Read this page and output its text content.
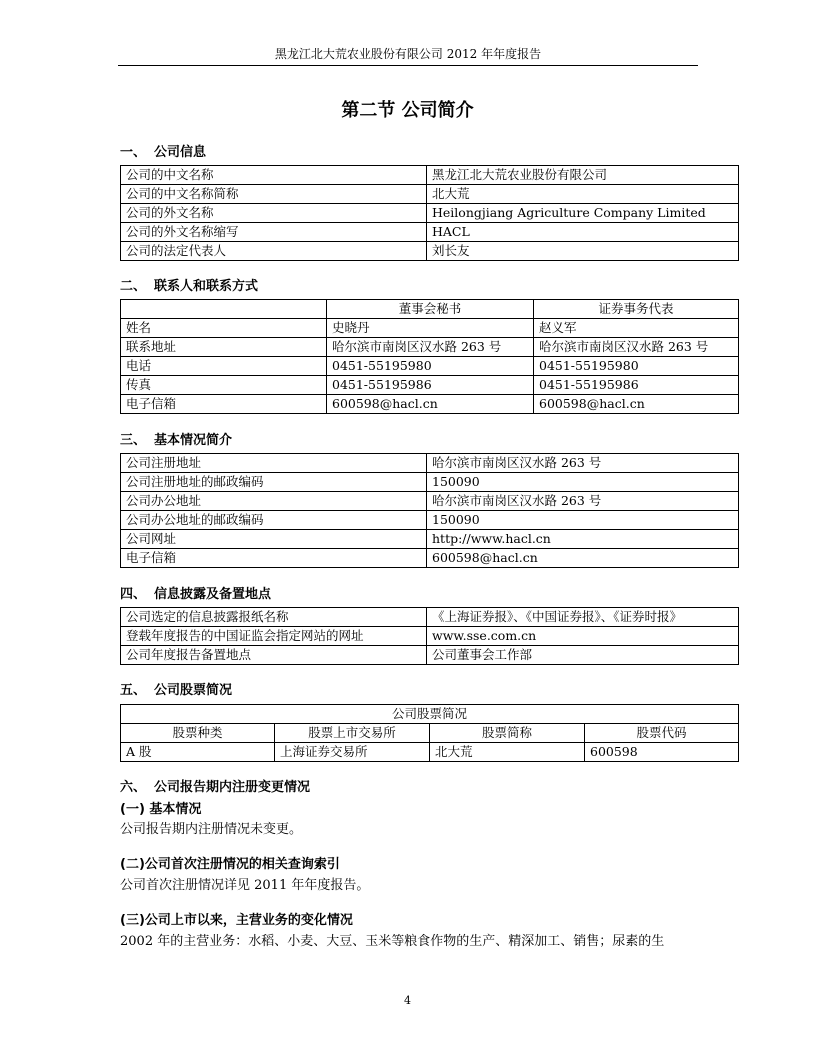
黑龙江北大荒农业股份有限公司 2012 年年度报告
第二节 公司简介
一、 公司信息
公司的中文名称	黑龙江北大荒农业股份有限公司
公司的中文名称简称	北大荒
公司的外文名称	Heilongjiang Agriculture Company Limited
公司的外文名称缩写	HACL
公司的法定代表人	刘长友
二、 联系人和联系方式
	董事会秘书	证券事务代表
姓名	史晓丹	赵义军
联系地址	哈尔滨市南岗区汉水路 263 号	哈尔滨市南岗区汉水路 263 号
电话	0451-55195980	0451-55195980
传真	0451-55195986	0451-55195986
电子信箱	600598@hacl.cn	600598@hacl.cn
三、 基本情况简介
公司注册地址	哈尔滨市南岗区汉水路 263 号
公司注册地址的邮政编码	150090
公司办公地址	哈尔滨市南岗区汉水路 263 号
公司办公地址的邮政编码	150090
公司网址	http://www.hacl.cn
电子信箱	600598@hacl.cn
四、 信息披露及备置地点
公司选定的信息披露报纸名称	《上海证券报》、《中国证券报》、《证券时报》
登载年度报告的中国证监会指定网站的网址	www.sse.com.cn
公司年度报告备置地点	公司董事会工作部
五、 公司股票简况
公司股票简况			
股票种类	股票上市交易所	股票简称	股票代码
A 股	上海证券交易所	北大荒	600598
六、 公司报告期内注册变更情况
(一) 基本情况
公司报告期内注册情况未变更。
(二)公司首次注册情况的相关查询索引
公司首次注册情况详见 2011 年年度报告。
(三)公司上市以来，主营业务的变化情况
2002 年的主营业务：水稻、小麦、大豆、玉米等粮食作物的生产、精深加工、销售；尿素的生
4
